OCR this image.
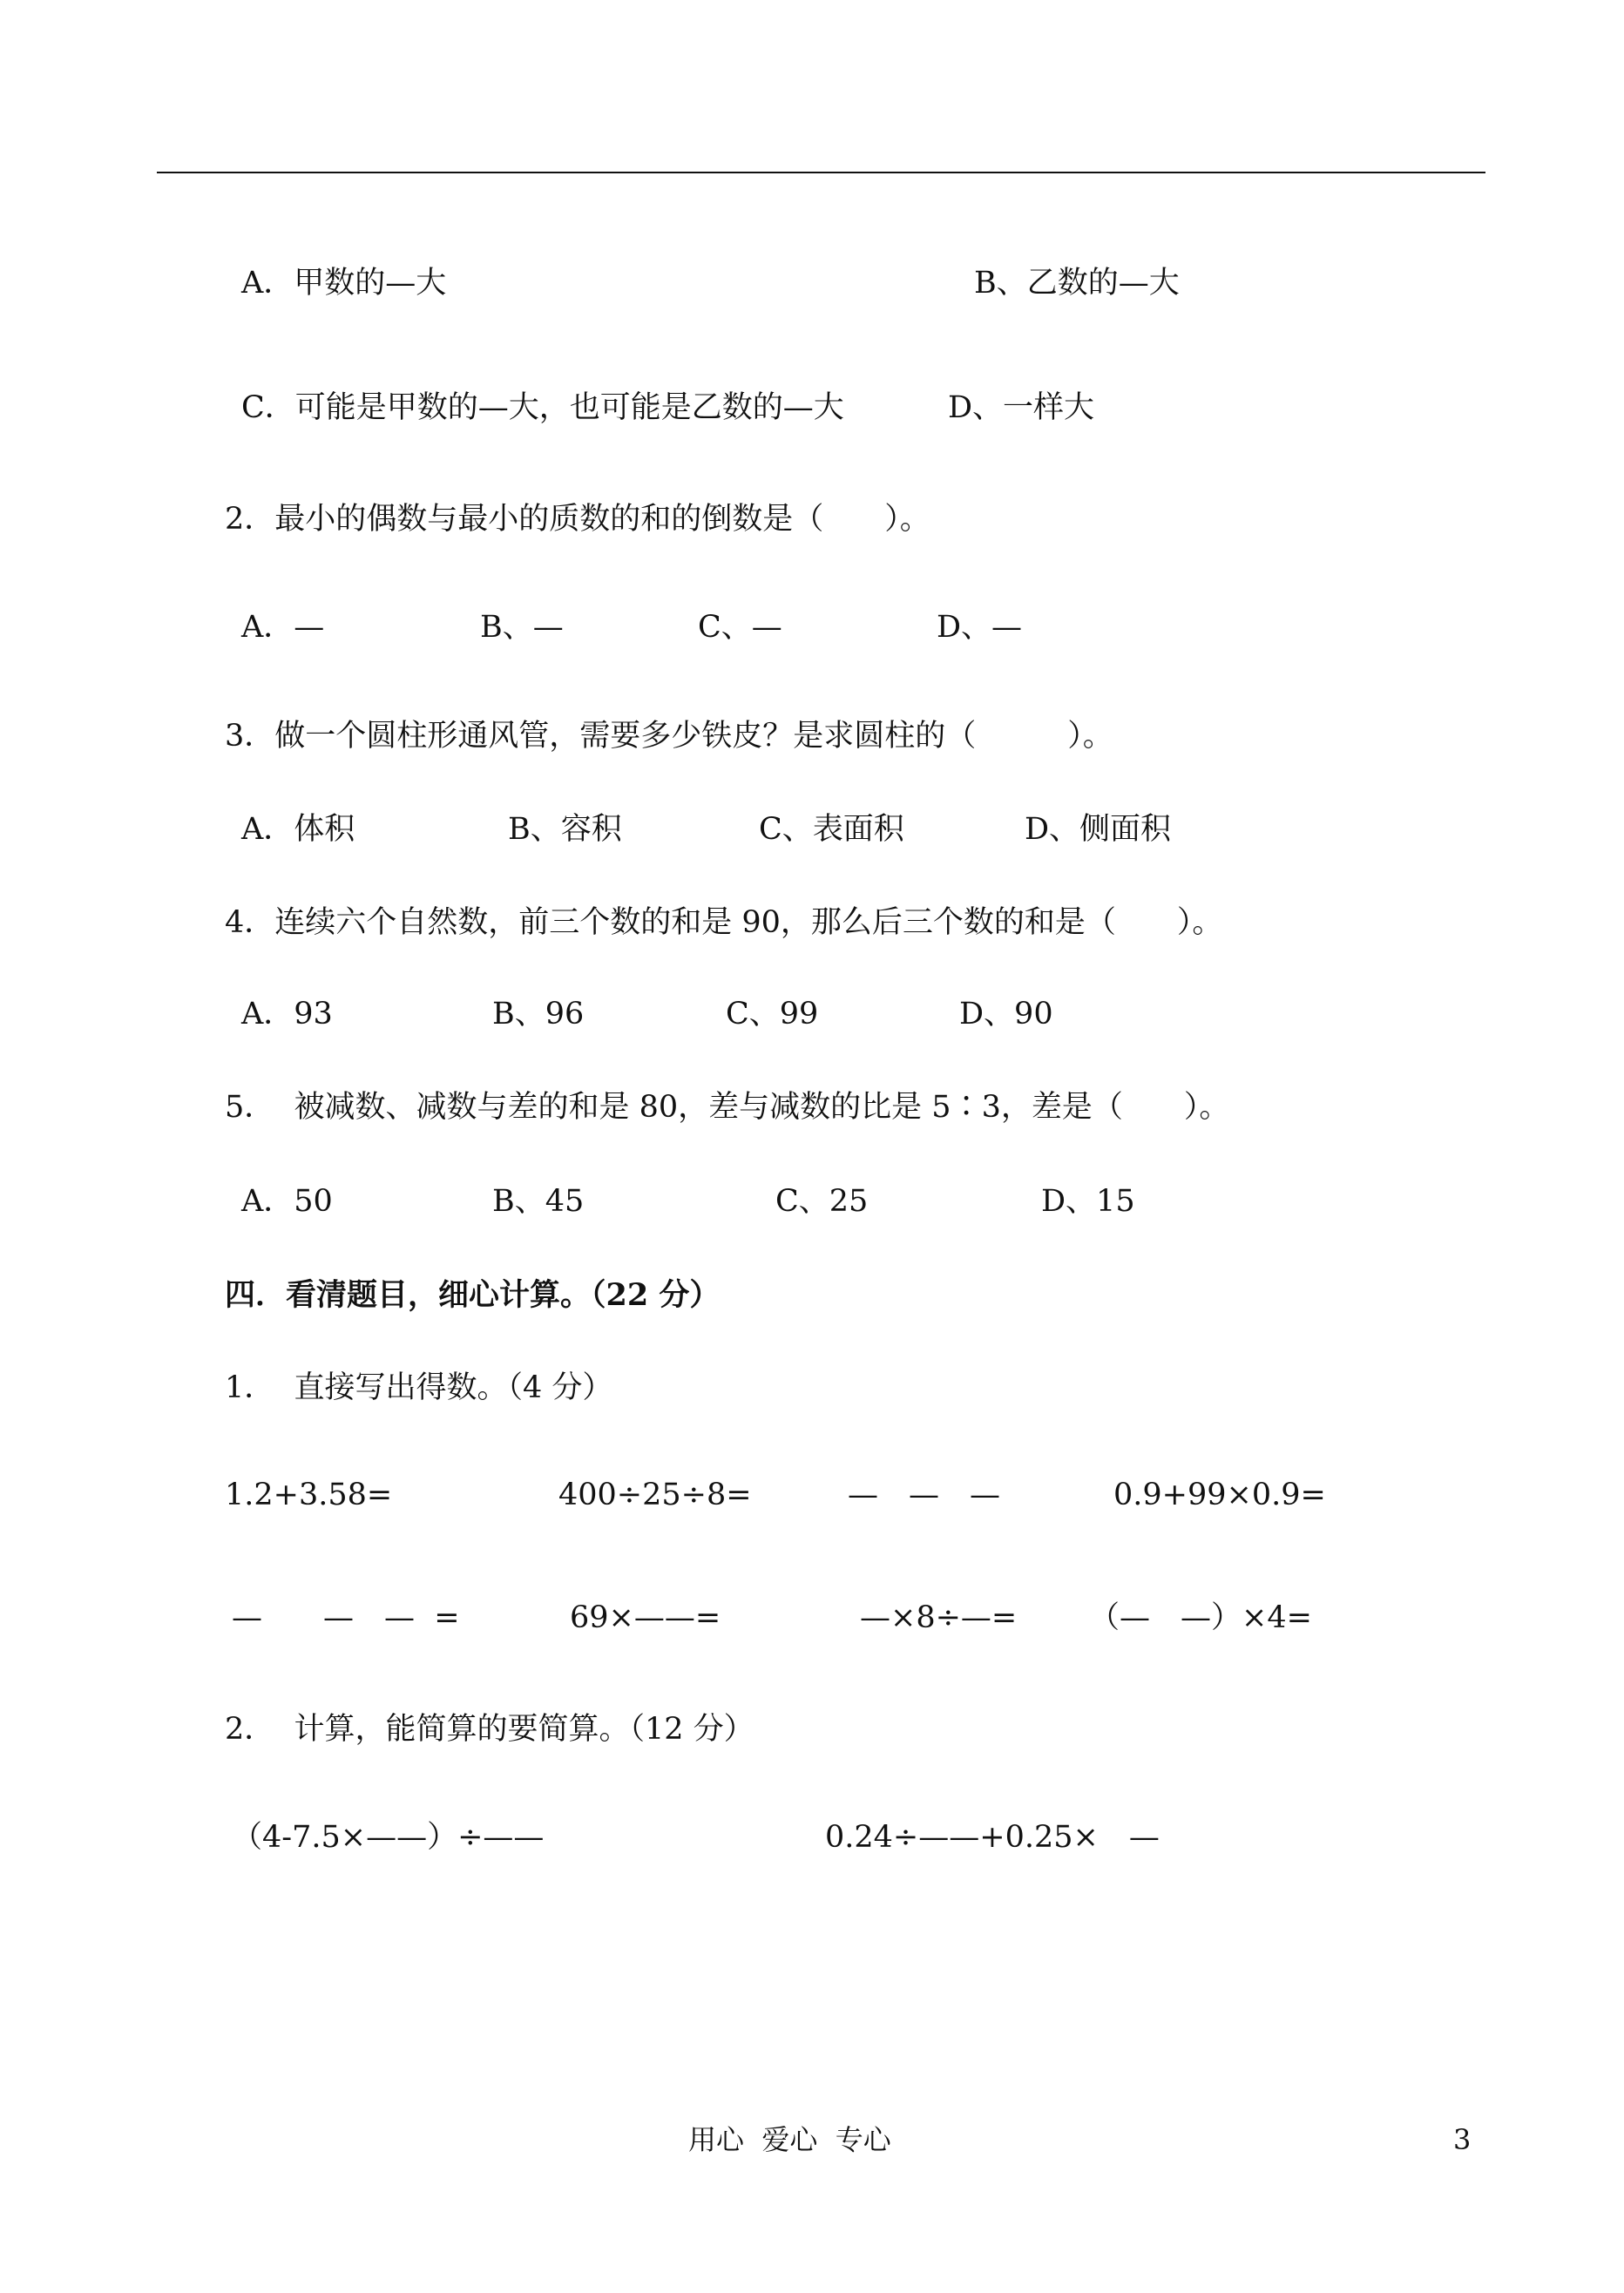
A．甲数的—大	B、乙数的—大
C．可能是甲数的—大，也可能是乙数的—大	D、一样大
2．最小的偶数与最小的质数的和的倒数是（　　）。
A．—	B、—	C、—	D、—
3．做一个圆柱形通风管，需要多少铁皮？是求圆柱的（　　　）。
A．体积	B、容积	C、表面积	D、侧面积
4．连续六个自然数，前三个数的和是 90，那么后三个数的和是（　　）。
A．93	B、96	C、99	D、90
5．  被减数、减数与差的和是 80，差与减数的比是 5∶3，差是（　　）。
A．50	B、45	C、25	D、15
四．看清题目，细心计算。（22 分）
1．  直接写出得数。（4 分）
1.2+3.58=	400÷25÷8=	—　—　—	0.9+99×0.9=
—　　—　—  =	69×——=	—×8÷—= （—　—）×4=
2．  计算，能简算的要简算。（12 分）
（4-7.5×——）÷——	0.24÷——+0.25×　—
用心  爱心  专心	3
